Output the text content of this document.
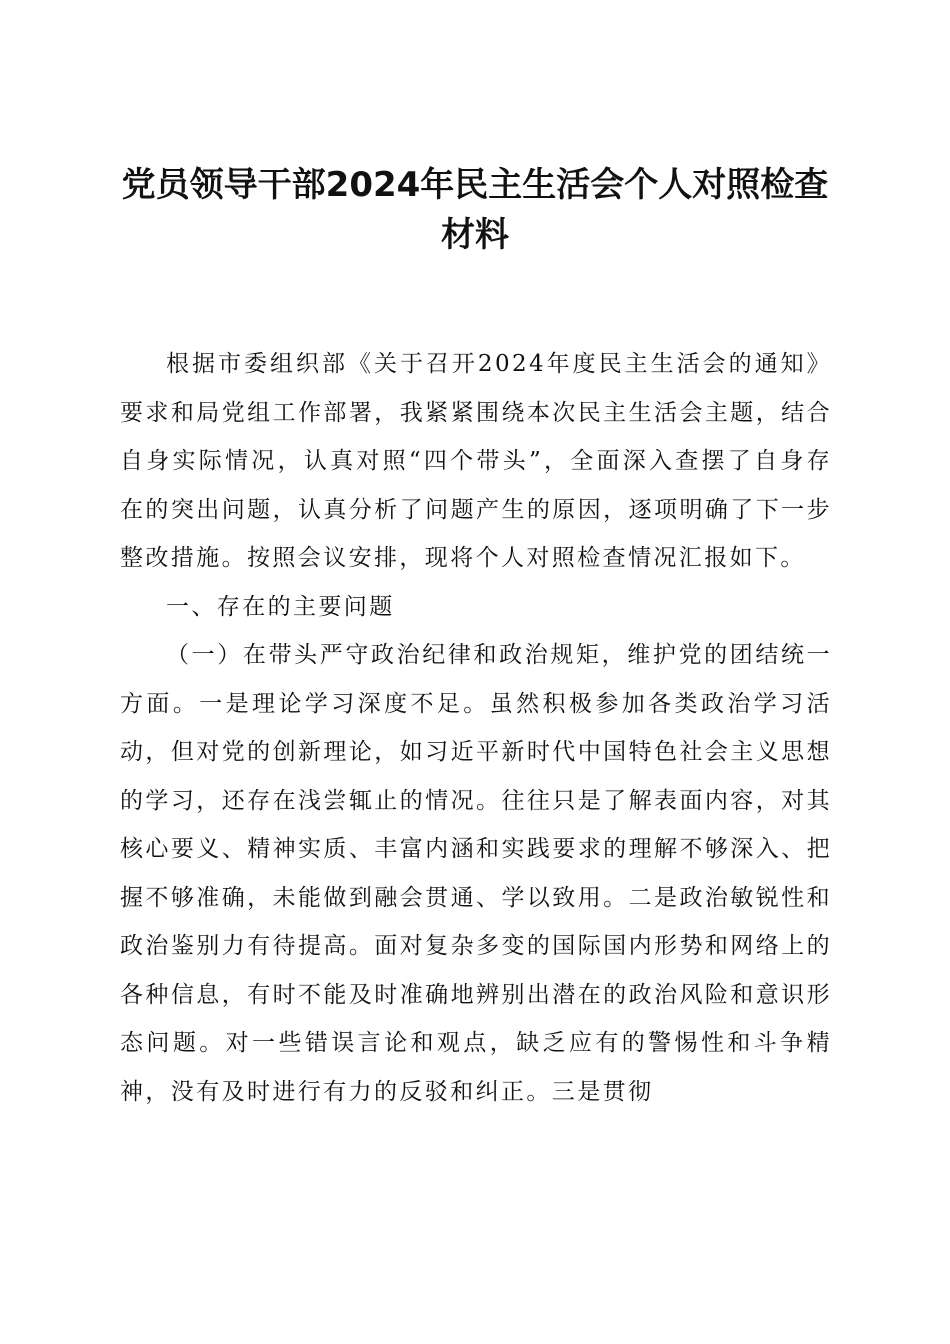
党员领导干部2024年民主生活会个人对照检查材料

根据市委组织部《关于召开2024年度民主生活会的通知》要求和局党组工作部署，我紧紧围绕本次民主生活会主题，结合自身实际情况，认真对照“四个带头”，全面深入查摆了自身存在的突出问题，认真分析了问题产生的原因，逐项明确了下一步整改措施。按照会议安排，现将个人对照检查情况汇报如下。

一、存在的主要问题

（一）在带头严守政治纪律和政治规矩，维护党的团结统一方面。一是理论学习深度不足。虽然积极参加各类政治学习活动，但对党的创新理论，如习近平新时代中国特色社会主义思想的学习，还存在浅尝辄止的情况。往往只是了解表面内容，对其核心要义、精神实质、丰富内涵和实践要求的理解不够深入、把握不够准确，未能做到融会贯通、学以致用。二是政治敏锐性和政治鉴别力有待提高。面对复杂多变的国际国内形势和网络上的各种信息，有时不能及时准确地辨别出潜在的政治风险和意识形态问题。对一些错误言论和观点，缺乏应有的警惕性和斗争精神，没有及时进行有力的反驳和纠正。三是贯彻
